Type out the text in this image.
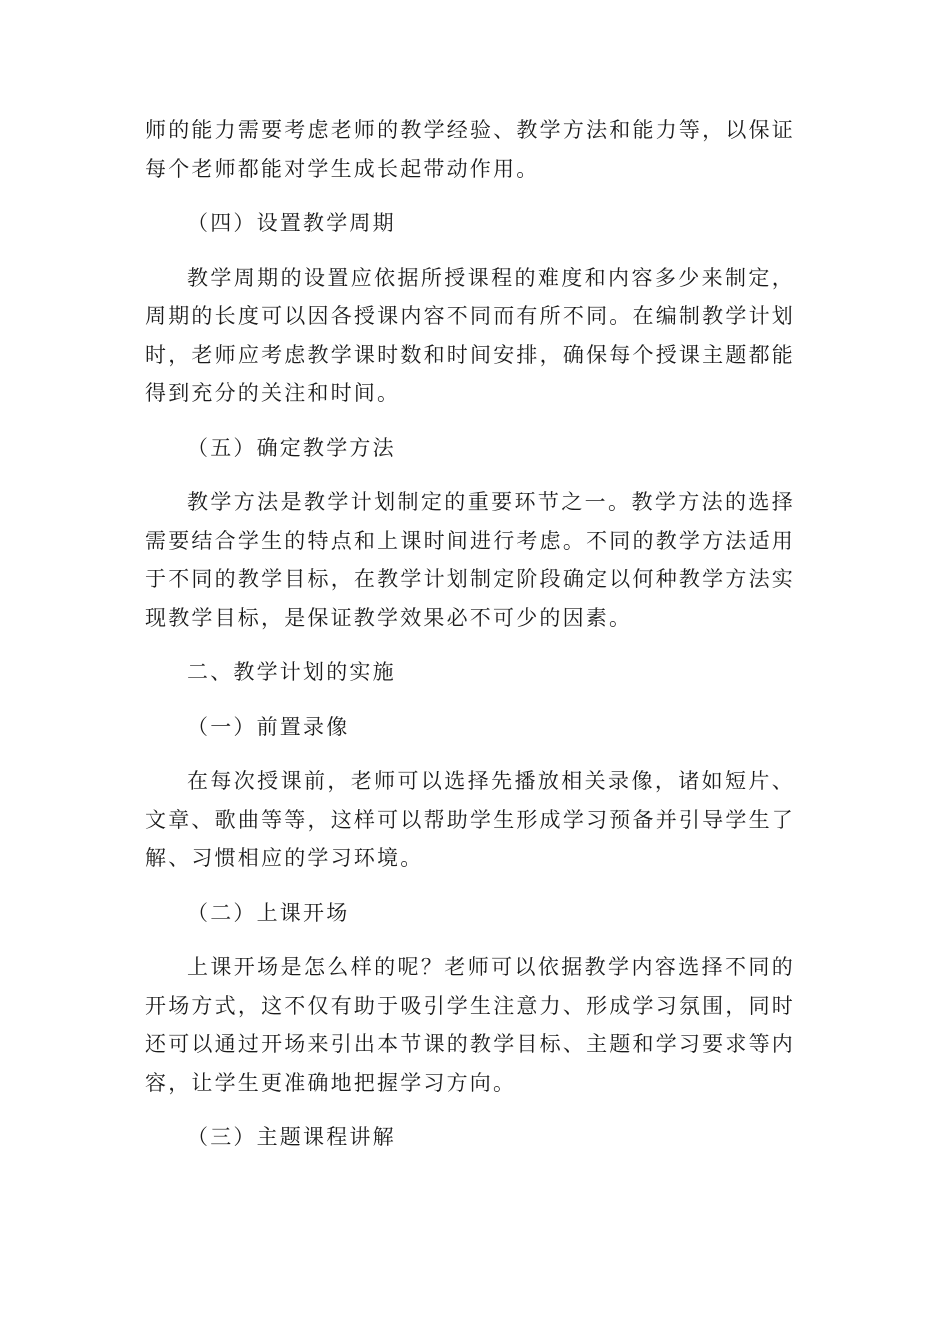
师的能力需要考虑老师的教学经验、教学方法和能力等，以保证每个老师都能对学生成长起带动作用。

（四）设置教学周期

教学周期的设置应依据所授课程的难度和内容多少来制定，周期的长度可以因各授课内容不同而有所不同。在编制教学计划时，老师应考虑教学课时数和时间安排，确保每个授课主题都能得到充分的关注和时间。

（五）确定教学方法

教学方法是教学计划制定的重要环节之一。教学方法的选择需要结合学生的特点和上课时间进行考虑。不同的教学方法适用于不同的教学目标，在教学计划制定阶段确定以何种教学方法实现教学目标，是保证教学效果必不可少的因素。

二、教学计划的实施

（一）前置录像

在每次授课前，老师可以选择先播放相关录像，诸如短片、文章、歌曲等等，这样可以帮助学生形成学习预备并引导学生了解、习惯相应的学习环境。

（二）上课开场

上课开场是怎么样的呢？老师可以依据教学内容选择不同的开场方式，这不仅有助于吸引学生注意力、形成学习氛围，同时还可以通过开场来引出本节课的教学目标、主题和学习要求等内容，让学生更准确地把握学习方向。

（三）主题课程讲解
